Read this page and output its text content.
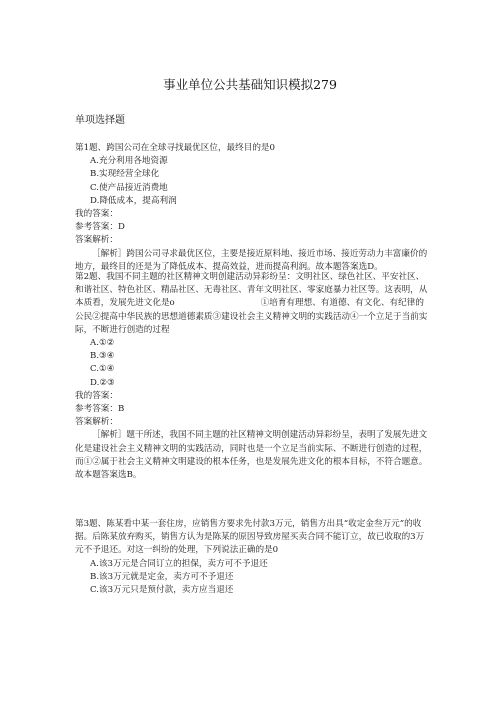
事业单位公共基础知识模拟279
单项选择题

第1题、跨国公司在全球寻找最优区位，最终目的是0

A.充分利用各地资源

B.实现经营全球化

C.使产品接近消费地

D.降低成本，提高利润

我的答案：

参考答案：D

答案解析：

［解析］跨国公司寻求最优区位，主要是接近原料地、接近市场、接近劳动力丰富廉价的地方，最终目的还是为了降低成本、提高效益，进而提高利润。故本题答案选D。

第2题、我国不同主题的社区精神文明创建活动异彩纷呈：文明社区、绿色社区、平安社区、和谐社区、特色社区、精品社区、无毒社区、青年文明社区、零家庭暴力社区等。这表明，从本质看，发展先进文化是o　　　　　　　　　　①培育有理想、有道德、有文化、有纪律的公民②提高中华民族的思想道德素质③建设社会主义精神文明的实践活动④一个立足于当前实际，不断进行创造的过程

A.①②

B.③④

C.①④

D.②③

我的答案：

参考答案：B

答案解析：

［解析］题干所述，我国不同主题的社区精神文明创建活动异彩纷呈，表明了发展先进文化是建设社会主义精神文明的实践活动，同时也是一个立足当前实际、不断进行创造的过程，而①②属于社会主义精神文明建设的根本任务，也是发展先进文化的根本目标，不符合题意。故本题答案选B。

第3题、陈某看中某一套住房，应销售方要求先付款3万元，销售方出具“收定金叁万元”的收据。后陈某放弃购买，销售方认为是陈某的原因导致房屋买卖合同不能订立，故已收取的3万元不予退还。对这一纠纷的处理，下列说法正确的是0

A.该3万元是合同订立的担保，卖方可不予退还

B.该3万元就是定金，卖方可不予退还

C.该3万元只是预付款，卖方应当退还
